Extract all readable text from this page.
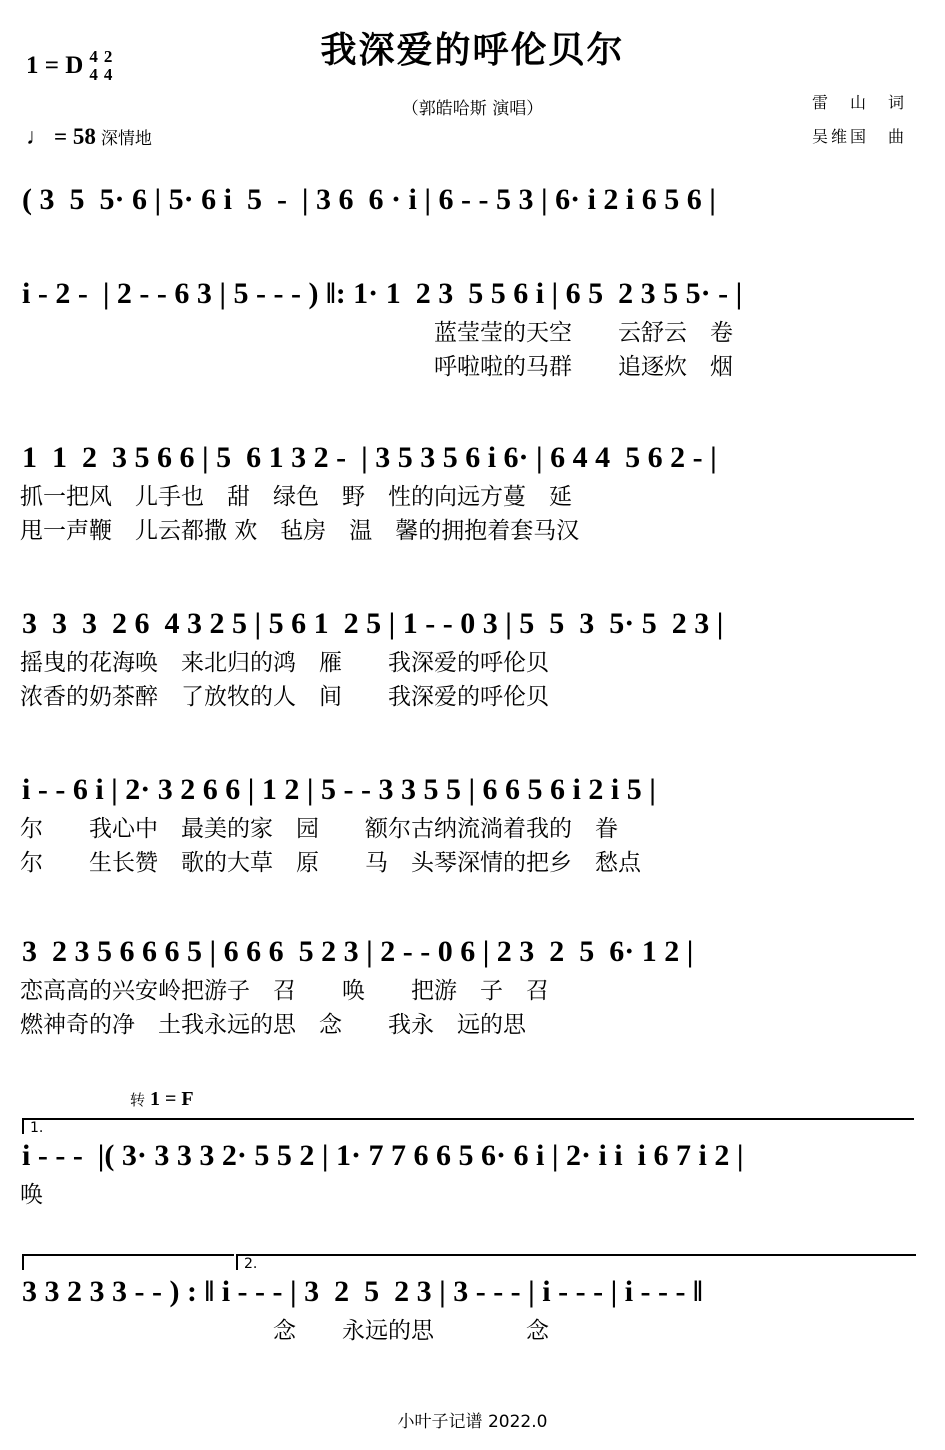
我深爱的呼伦贝尔
（郭皓哈斯 演唱）
1 = D 4
4
2
4
♩ = 58 深情地
雷　山　词
吴维国　曲
( 3  5  5· 6 | 5· 6 i  5  -  | 3 6  6 · i | 6 - - 5 3 | 6· i 2 i 6 5 6 |
i - 2 -  | 2 - - 6 3 | 5 - - - ) ‖: 1· 1  2 3  5 5 6 i | 6 5  2 3 5 5· - |
　　　　　　　　　　　　　　　　　　蓝莹莹的天空　　云舒云　卷
　　　　　　　　　　　　　　　　　　呼啦啦的马群　　追逐炊　烟
1  1  2  3 5 6 6 | 5  6 1 3 2 -  | 3 5 3 5 6 i 6· | 6 4 4  5 6 2 - |
抓一把风　儿手也　甜　绿色　野　性的向远方蔓　延
甩一声鞭　儿云都撒 欢　毡房　温　馨的拥抱着套马汉
3  3  3  2 6  4 3 2 5 | 5 6 1  2 5 | 1 - - 0 3 | 5  5  3  5· 5  2 3 |
摇曳的花海唤　来北归的鸿　雁　　我深爱的呼伦贝
浓香的奶茶醉　了放牧的人　间　　我深爱的呼伦贝
i - - 6 i | 2· 3 2 6 6 | 1 2 | 5 - - 3 3 5 5 | 6 6 5 6 i 2 i 5 |
尔　　我心中　最美的家　园　　额尔古纳流淌着我的　眷
尔　　生长赞　歌的大草　原　　马　头琴深情的把乡　愁点
3  2 3 5 6 6 6 5 | 6 6 6  5 2 3 | 2 - - 0 6 | 2 3  2  5  6· 1 2 |
恋高高的兴安岭把游子　召　　唤　　把游　子　召
燃神奇的净　土我永远的思　念　　我永　远的思
转 1 = F
1.
i - - -  |( 3· 3 3 3 2· 5 5 2 | 1· 7 7 6 6 5 6· 6 i | 2· i i  i 6 7 i 2 |
唤
2.
3 3 2 3 3 - - ) : ‖ i - - - | 3  2  5  2 3 | 3 - - - | i - - - | i - - - ‖
　　　　　　　　　　　念　　永远的思　　　　念
小叶子记谱 2022.0
